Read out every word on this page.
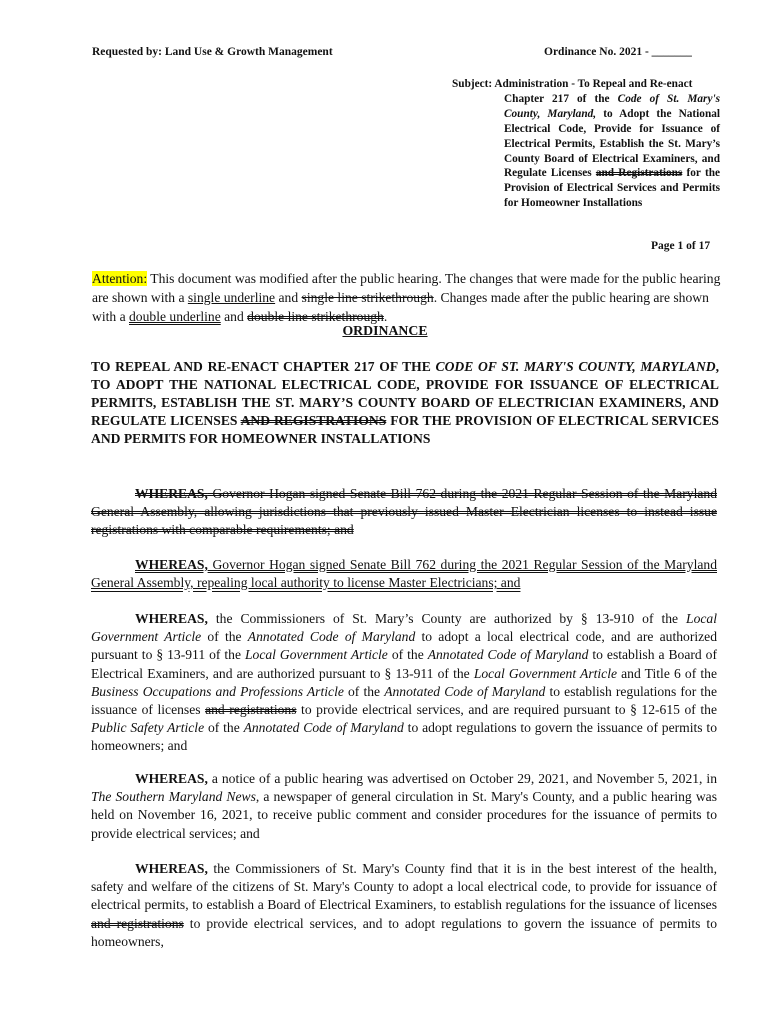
Requested by: Land Use & Growth Management	Ordinance No. 2021 - _______
Subject: Administration - To Repeal and Re-enact
Chapter 217 of the Code of St. Mary's County, Maryland, to Adopt the National Electrical Code, Provide for Issuance of Electrical Permits, Establish the St. Mary’s County Board of Electrical Examiners, and Regulate Licenses and Registrations for the Provision of Electrical Services and Permits for Homeowner Installations
Page 1 of 17
Attention: This document was modified after the public hearing. The changes that were made for the public hearing are shown with a single underline and single line strikethrough. Changes made after the public hearing are shown with a double underline and double line strikethrough.
ORDINANCE
TO REPEAL AND RE-ENACT CHAPTER 217 OF THE CODE OF ST. MARY'S COUNTY, MARYLAND, TO ADOPT THE NATIONAL ELECTRICAL CODE, PROVIDE FOR ISSUANCE OF ELECTRICAL PERMITS, ESTABLISH THE ST. MARY’S COUNTY BOARD OF ELECTRICIAN EXAMINERS, AND REGULATE LICENSES AND REGISTRATIONS FOR THE PROVISION OF ELECTRICAL SERVICES AND PERMITS FOR HOMEOWNER INSTALLATIONS
WHEREAS, Governor Hogan signed Senate Bill 762 during the 2021 Regular Session of the Maryland General Assembly, allowing jurisdictions that previously issued Master Electrician licenses to instead issue registrations with comparable requirements; and
WHEREAS, Governor Hogan signed Senate Bill 762 during the 2021 Regular Session of the Maryland General Assembly, repealing local authority to license Master Electricians; and
WHEREAS, the Commissioners of St. Mary’s County are authorized by § 13-910 of the Local Government Article of the Annotated Code of Maryland to adopt a local electrical code, and are authorized pursuant to § 13-911 of the Local Government Article of the Annotated Code of Maryland to establish a Board of Electrical Examiners, and are authorized pursuant to § 13-911 of the Local Government Article and Title 6 of the Business Occupations and Professions Article of the Annotated Code of Maryland to establish regulations for the issuance of licenses and registrations to provide electrical services, and are required pursuant to § 12-615 of the Public Safety Article of the Annotated Code of Maryland to adopt regulations to govern the issuance of permits to homeowners; and
WHEREAS, a notice of a public hearing was advertised on October 29, 2021, and November 5, 2021, in The Southern Maryland News, a newspaper of general circulation in St. Mary's County, and a public hearing was held on November 16, 2021, to receive public comment and consider procedures for the issuance of permits to provide electrical services; and
WHEREAS, the Commissioners of St. Mary's County find that it is in the best interest of the health, safety and welfare of the citizens of St. Mary's County to adopt a local electrical code, to provide for issuance of electrical permits, to establish a Board of Electrical Examiners, to establish regulations for the issuance of licenses and registrations to provide electrical services, and to adopt regulations to govern the issuance of permits to homeowners,
